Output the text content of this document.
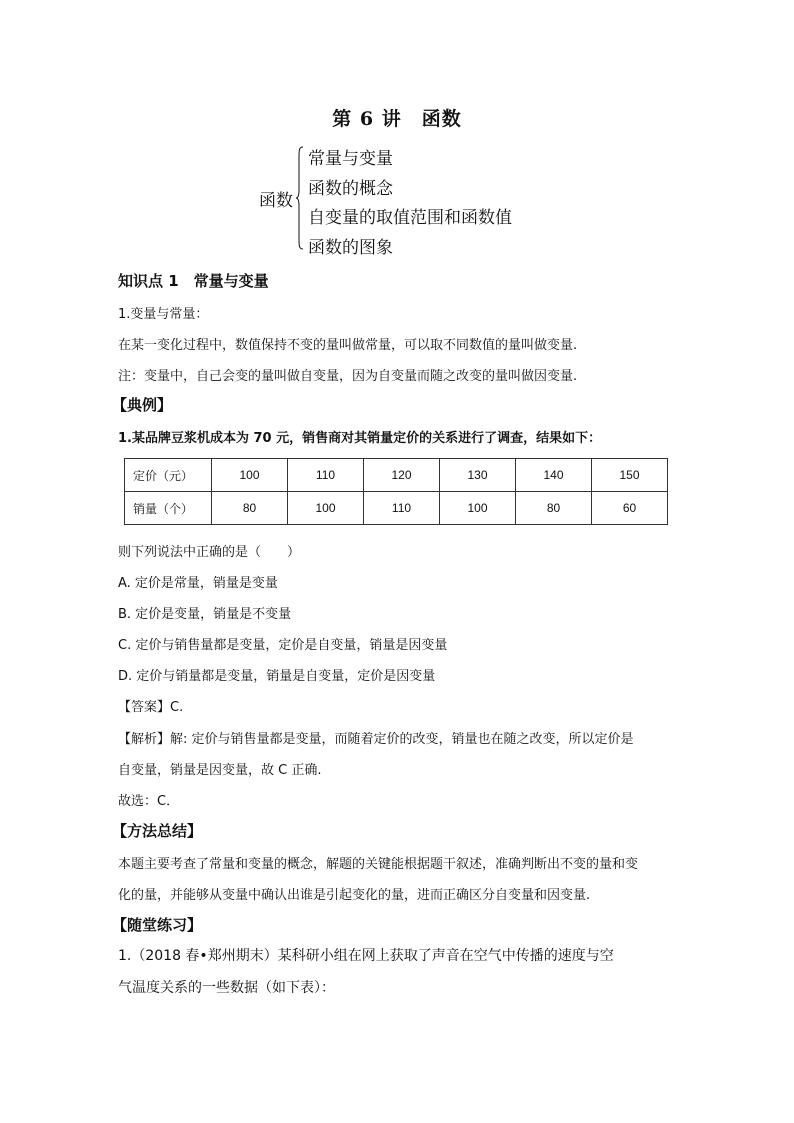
第 6 讲　函数
函数
常量与变量
函数的概念
自变量的取值范围和函数值
函数的图象
知识点 1　常量与变量
1.变量与常量：
在某一变化过程中，数值保持不变的量叫做常量，可以取不同数值的量叫做变量.
注：变量中，自己会变的量叫做自变量，因为自变量而随之改变的量叫做因变量.
【典例】
1.某品牌豆浆机成本为 70 元，销售商对其销量定价的关系进行了调查，结果如下：
定价（元）	100	110	120	130	140	150
销量（个）	80	100	110	100	80	60
则下列说法中正确的是（　　）
A. 定价是常量，销量是变量
B. 定价是变量，销量是不变量
C. 定价与销售量都是变量，定价是自变量，销量是因变量
D. 定价与销量都是变量，销量是自变量，定价是因变量
【答案】C.
【解析】解: 定价与销售量都是变量，而随着定价的改变，销量也在随之改变，所以定价是
自变量，销量是因变量，故 C 正确.
故选：C．
【方法总结】
本题主要考查了常量和变量的概念，解题的关键能根据题干叙述，准确判断出不变的量和变
化的量，并能够从变量中确认出谁是引起变化的量，进而正确区分自变量和因变量.
【随堂练习】
1.（2018 春•郑州期末）某科研小组在网上获取了声音在空气中传播的速度与空
气温度关系的一些数据（如下表）：
